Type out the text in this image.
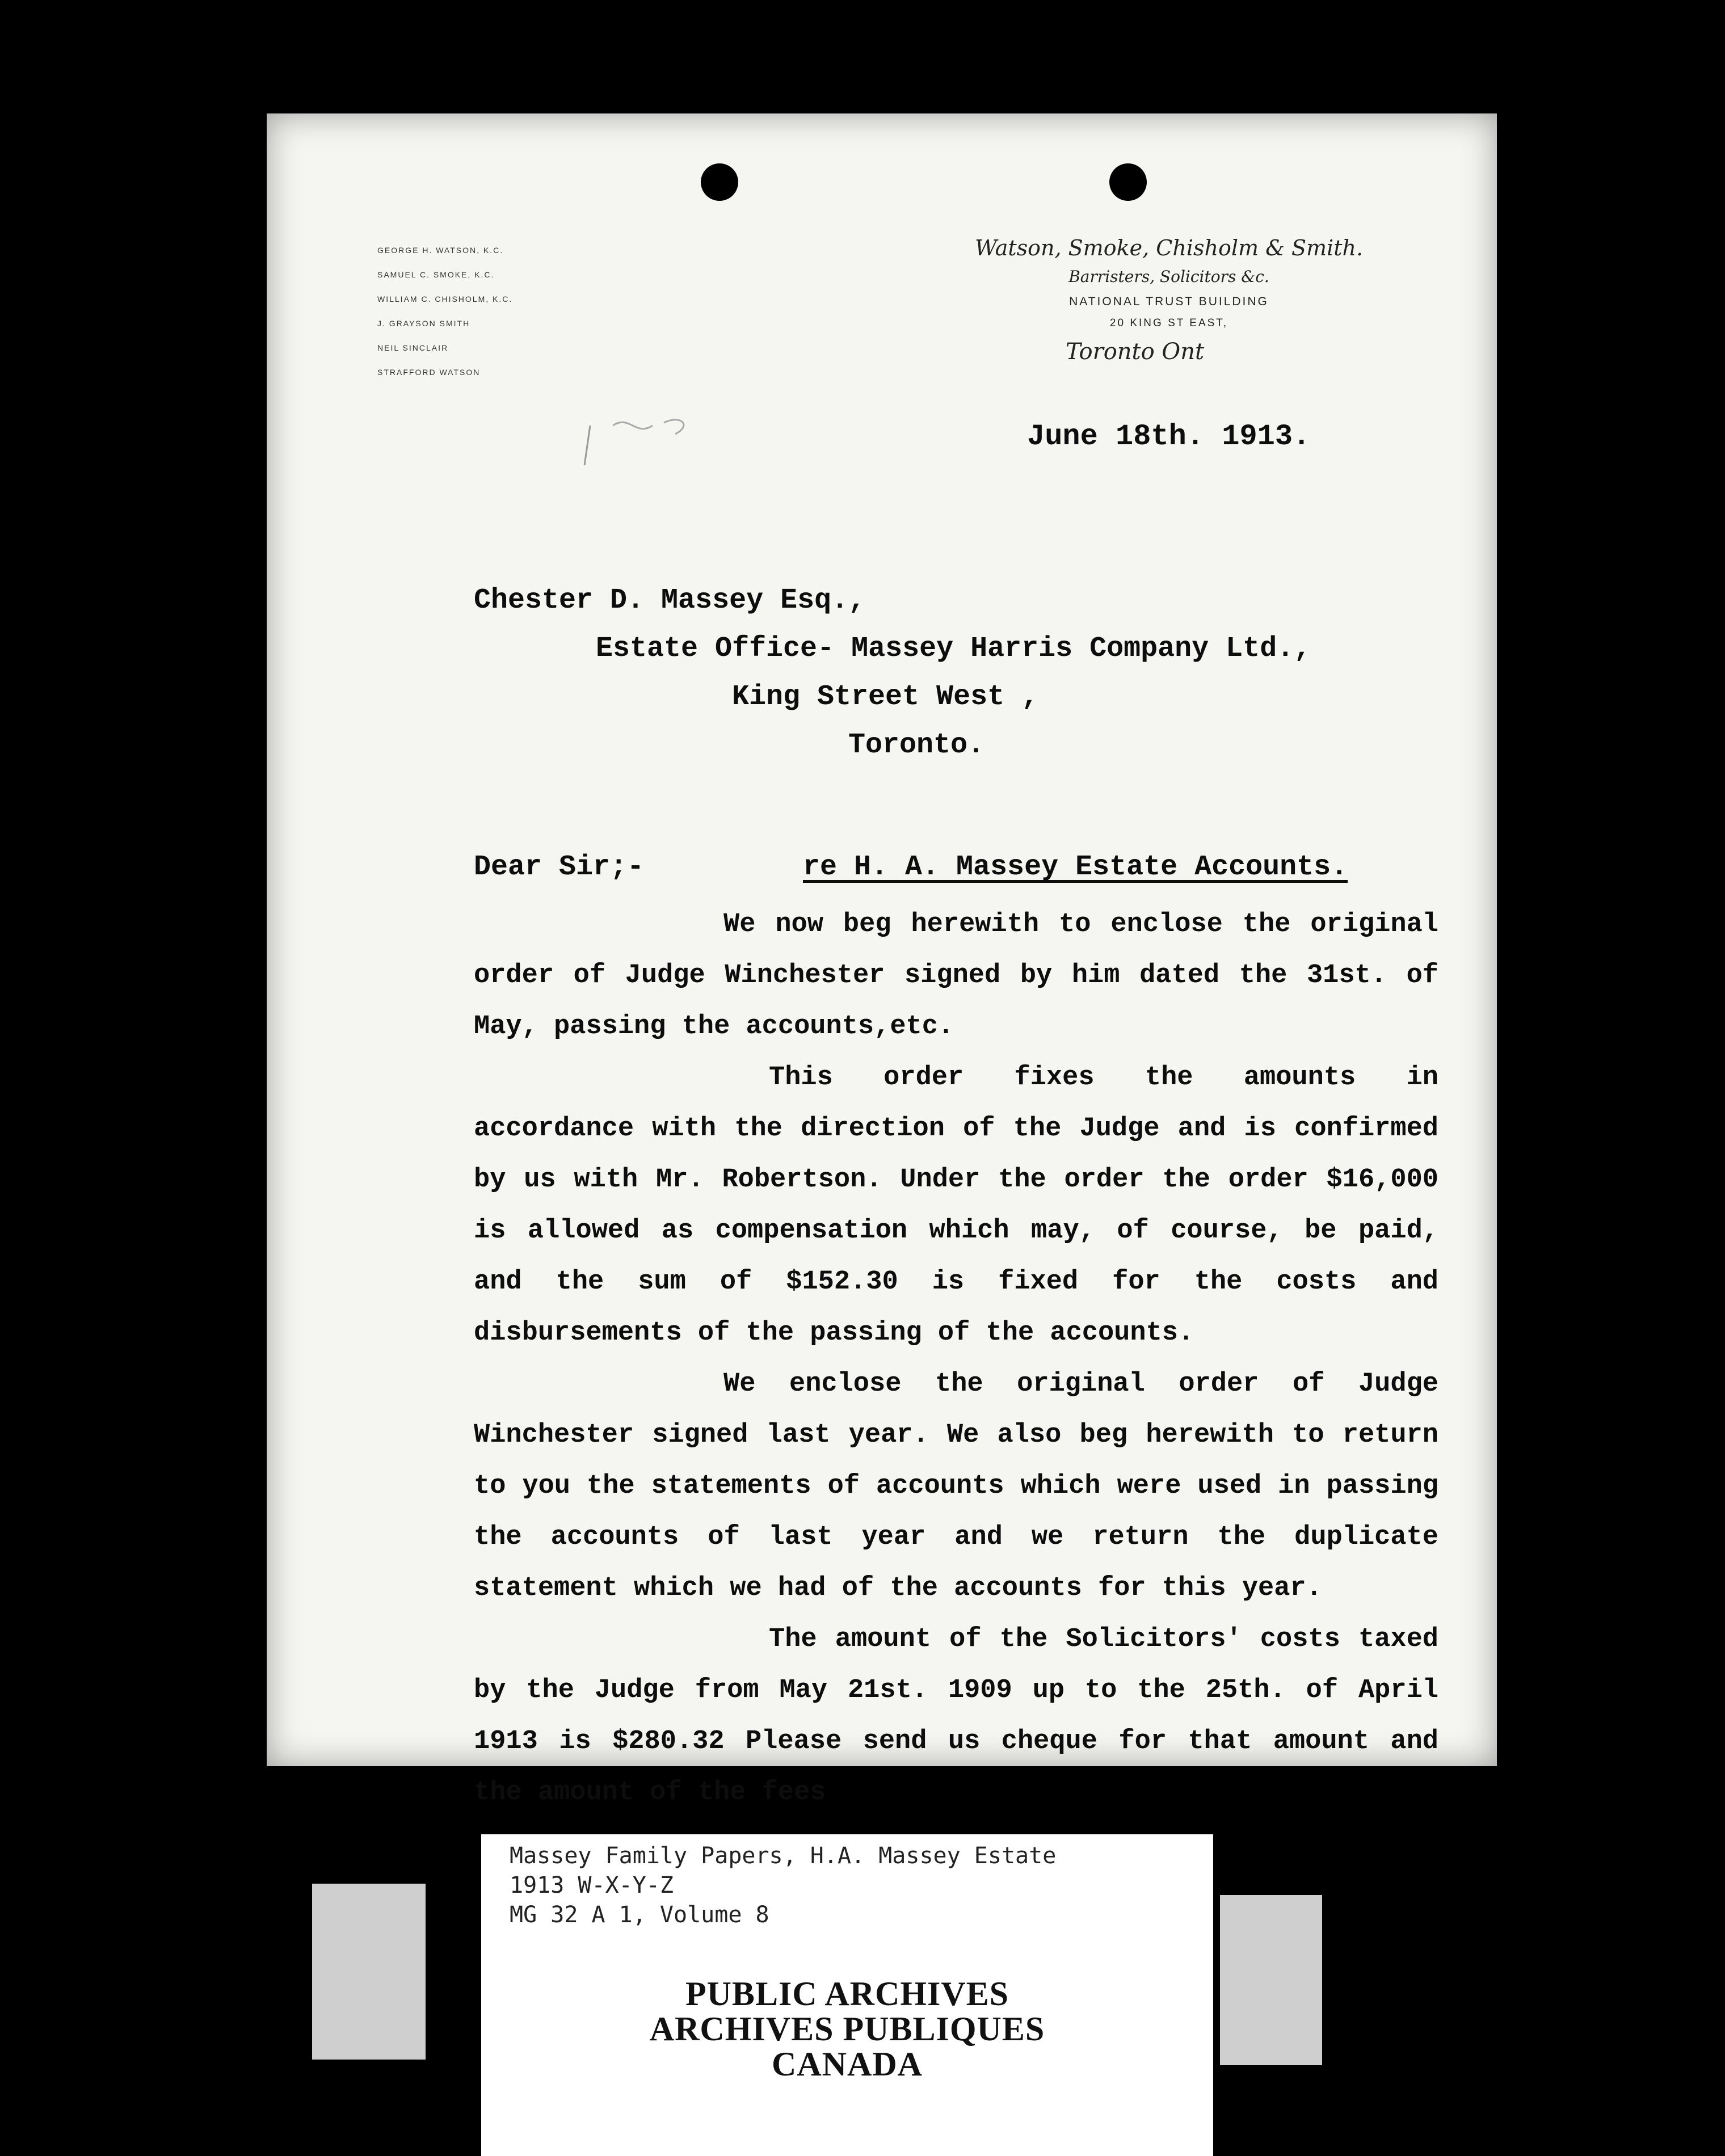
GEORGE H. WATSON, K.C.
SAMUEL C. SMOKE, K.C.
WILLIAM C. CHISHOLM, K.C.
J. GRAYSON SMITH
NEIL SINCLAIR
STRAFFORD WATSON
Watson, Smoke, Chisholm & Smith.
Barristers, Solicitors &c.
NATIONAL TRUST BUILDING
20 KING ST EAST,
Toronto Ont
June 18th. 1913.
Chester D. Massey Esq.,
Estate Office- Massey Harris Company Ltd.,
King Street West ,
Toronto.
Dear Sir;-	re H. A. Massey Estate Accounts.

We now beg herewith to enclose the original order of Judge Winchester signed by him dated the 31st. of May, passing the accounts,etc.

This order fixes the amounts in accordance with the direction of the Judge and is confirmed by us with Mr. Robertson. Under the order the order $16,000 is allowed as compensation which may, of course, be paid, and the sum of $152.30 is fixed for the costs and disbursements of the passing of the accounts.

We enclose the original order of Judge Winchester signed last year. We also beg herewith to return to you the statements of accounts which were used in passing the accounts of last year and we return the duplicate statement which we had of the accounts for this year.

The amount of the Solicitors' costs taxed by the Judge from May 21st. 1909 up to the 25th. of April 1913 is $280.32 Please send us cheque for that amount and the amount of the fees

Massey Family Papers, H.A. Massey Estate
1913 W-X-Y-Z
MG 32 A 1, Volume 8
PUBLIC ARCHIVES
ARCHIVES PUBLIQUES
CANADA
